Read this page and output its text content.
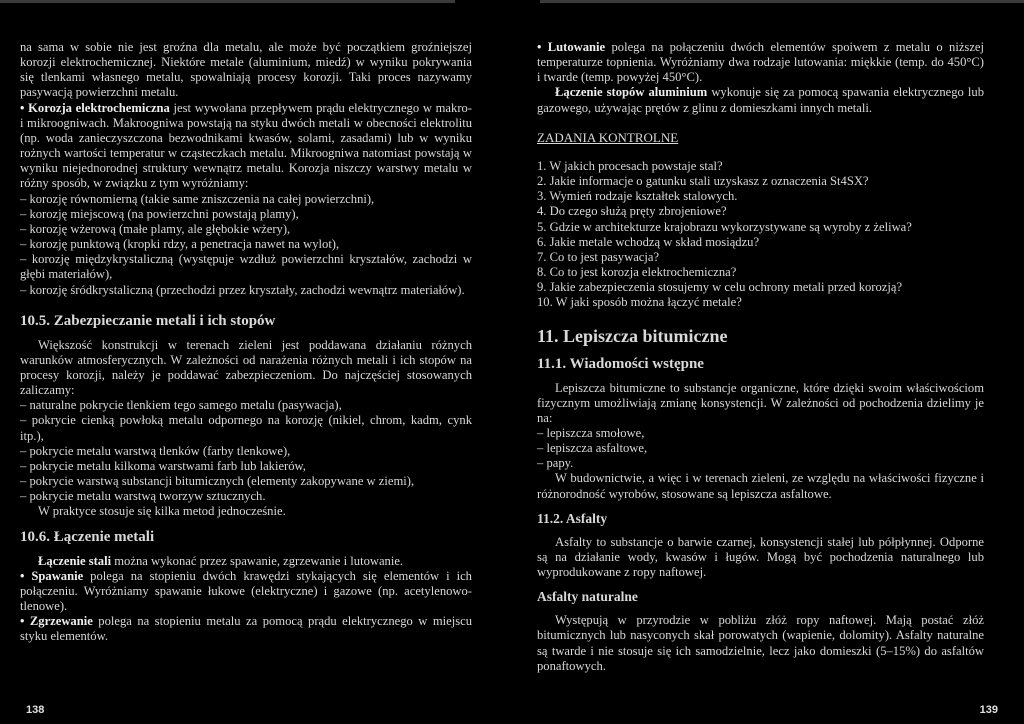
na sama w sobie nie jest groźna dla metalu, ale może być początkiem groźniejszej korozji elektrochemicznej. Niektóre metale (aluminium, miedź) w wyniku pokrywania się tlenkami własnego metalu, spowalniają procesy korozji. Taki proces nazywamy pasywacją powierzchni metalu.

• Korozja elektrochemiczna jest wywołana przepływem prądu elektrycznego w makro- i mikroogniwach. Makroogniwa powstają na styku dwóch metali w obecności elektrolitu (np. woda zanieczyszczona bezwodnikami kwasów, solami, zasadami) lub w wyniku rożnych wartości temperatur w cząsteczkach metalu. Mikroogniwa natomiast powstają w wyniku niejednorodnej struktury wewnątrz metalu. Korozja niszczy warstwy metalu w różny sposób, w związku z tym wyróżniamy:

– korozję równomierną (takie same zniszczenia na całej powierzchni),

– korozję miejscową (na powierzchni powstają plamy),

– korozję wżerową (małe plamy, ale głębokie wżery),

– korozję punktową (kropki rdzy, a penetracja nawet na wylot),

– korozję międzykrystaliczną (występuje wzdłuż powierzchni kryształów, zachodzi w głębi materiałów),

– korozję śródkrystaliczną (przechodzi przez kryształy, zachodzi wewnątrz materiałów).

10.5. Zabezpieczanie metali i ich stopów

Większość konstrukcji w terenach zieleni jest poddawana działaniu różnych warunków atmosferycznych. W zależności od narażenia różnych metali i ich stopów na procesy korozji, należy je poddawać zabezpieczeniom. Do najczęściej stosowanych zaliczamy:

– naturalne pokrycie tlenkiem tego samego metalu (pasywacja),

– pokrycie cienką powłoką metalu odpornego na korozję (nikiel, chrom, kadm, cynk itp.),

– pokrycie metalu warstwą tlenków (farby tlenkowe),

– pokrycie metalu kilkoma warstwami farb lub lakierów,

– pokrycie warstwą substancji bitumicznych (elementy zakopywane w ziemi),

– pokrycie metalu warstwą tworzyw sztucznych.

W praktyce stosuje się kilka metod jednocześnie.

10.6. Łączenie metali

Łączenie stali można wykonać przez spawanie, zgrzewanie i lutowanie.

• Spawanie polega na stopieniu dwóch krawędzi stykających się elementów i ich połączeniu. Wyróżniamy spawanie łukowe (elektryczne) i gazowe (np. acetylenowo-tlenowe).

• Zgrzewanie polega na stopieniu metalu za pomocą prądu elektrycznego w miejscu styku elementów.

• Lutowanie polega na połączeniu dwóch elementów spoiwem z metalu o niższej temperaturze topnienia. Wyróżniamy dwa rodzaje lutowania: miękkie (temp. do 450°C) i twarde (temp. powyżej 450°C).

Łączenie stopów aluminium wykonuje się za pomocą spawania elektrycznego lub gazowego, używając prętów z glinu z domieszkami innych metali.

ZADANIA KONTROLNE

1. W jakich procesach powstaje stal?
2. Jakie informacje o gatunku stali uzyskasz z oznaczenia St4SX?
3. Wymień rodzaje kształtek stalowych.
4. Do czego służą pręty zbrojeniowe?
5. Gdzie w architekturze krajobrazu wykorzystywane są wyroby z żeliwa?
6. Jakie metale wchodzą w skład mosiądzu?
7. Co to jest pasywacja?
8. Co to jest korozja elektrochemiczna?
9. Jakie zabezpieczenia stosujemy w celu ochrony metali przed korozją?
10. W jaki sposób można łączyć metale?
11. Lepiszcza bitumiczne
11.1. Wiadomości wstępne

Lepiszcza bitumiczne to substancje organiczne, które dzięki swoim właściwościom fizycznym umożliwiają zmianę konsystencji. W zależności od pochodzenia dzielimy je na:

– lepiszcza smołowe,

– lepiszcza asfaltowe,

– papy.

W budownictwie, a więc i w terenach zieleni, ze względu na właściwości fizyczne i różnorodność wyrobów, stosowane są lepiszcza asfaltowe.

11.2. Asfalty

Asfalty to substancje o barwie czarnej, konsystencji stałej lub półpłynnej. Odporne są na działanie wody, kwasów i ługów. Mogą być pochodzenia naturalnego lub wyprodukowane z ropy naftowej.

Asfalty naturalne

Występują w przyrodzie w pobliżu złóż ropy naftowej. Mają postać złóż bitumicznych lub nasyconych skał porowatych (wapienie, dolomity). Asfalty naturalne są twarde i nie stosuje się ich samodzielnie, lecz jako domieszki (5–15%) do asfaltów ponaftowych.

138	139
